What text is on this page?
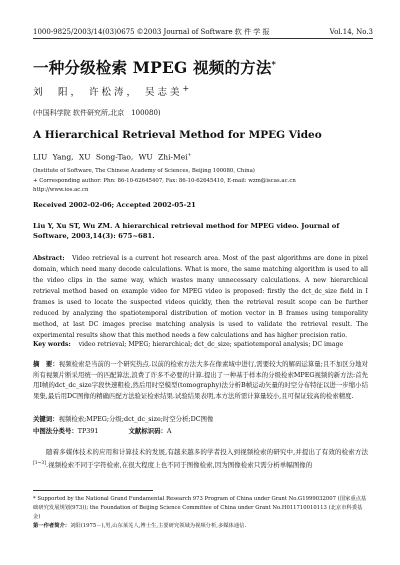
1000-9825/2003/14(03)0675 ©2003 Journal of Software 软 件 学 报	Vol.14, No.3
一种分级检索 MPEG 视频的方法*
刘　阳， 许松涛， 吴志美+
(中国科学院 软件研究所,北京　100080)
A Hierarchical Retrieval Method for MPEG Video
LIU Yang, XU Song-Tao, WU Zhi-Mei+
(Institute of Software, The Chinese Academy of Sciences, Beijing 100080, China)
+ Corresponding author: Phn: 86-10-62645407, Fax: 86-10-62645410, E-mail: wzm@iscas.ac.cn
http://www.ios.ac.cn
Received 2002-02-06; Accepted 2002-05-21
Liu Y, Xu ST, Wu ZM. A hierarchical retrieval method for MPEG video. Journal of Software, 2003,14(3): 675~681.
Abstract: Video retrieval is a current hot research area. Most of the past algorithms are done in pixel domain, which need many decode calculations. What is more, the same matching algorithm is used to all the video clips in the same way, which wastes many unnecessary calculations. A new hierarchical retrieval method based on example video for MPEG video is proposed: firstly the dct_dc_size field in I frames is used to locate the suspected videos quickly, then the retrieval result scope can be further reduced by analyzing the spatiotemporal distribution of motion vector in B frames using temporality method, at last DC images precise matching analysis is used to validate the retrieval result. The experimental results show that this method needs a few calculations and has higher precision ratio.
Key words: video retrieval; MPEG; hierarchical; dct_dc_size; spatiotemporal analysis; DC image
摘　要：视频检索是当前的一个研究热点.以前的检索方法大多在像素域中进行,需要较大的解码运算量;且不加区分地对所有视频片断采用统一的匹配算法,浪费了许多不必要的计算.提出了一种基于样本的分级检索MPEG视频的新方法:首先用I帧的dct_dc_size字段快速粗检,然后用时空模型(tomography)法分析B帧运动矢量的时空分布特征以进一步缩小结果集,最后用DC图像的精确匹配方法验证检索结果.试验结果表明,本方法所需计算量较小,且可保证较高的检索精度.
关键词：视频检索;MPEG;分级;dct_dc_size;时空分析;DC图像
中图法分类号：TP391	文献标识码：A
随着多媒体技术的应用和计算技术的发展,有越来越多的学者投入到视频检索的研究中,并提出了有效的检索方法[1~3].视频检索不同于字符检索,在很大程度上也不同于图像检索,因为图像检索只需分析单幅图像的
* Supported by the National Grand Fundamental Research 973 Program of China under Grant No.G1999032007 (国家重点基础研究发展规划(973)); the Foundation of Beijing Science Committee of China under Grant No.H011710010113 (北京市科委基金)
第一作者简介：刘阳(1975－),男,山东莱芜人,博士生,主要研究领域为视频分析,多媒体通信.
